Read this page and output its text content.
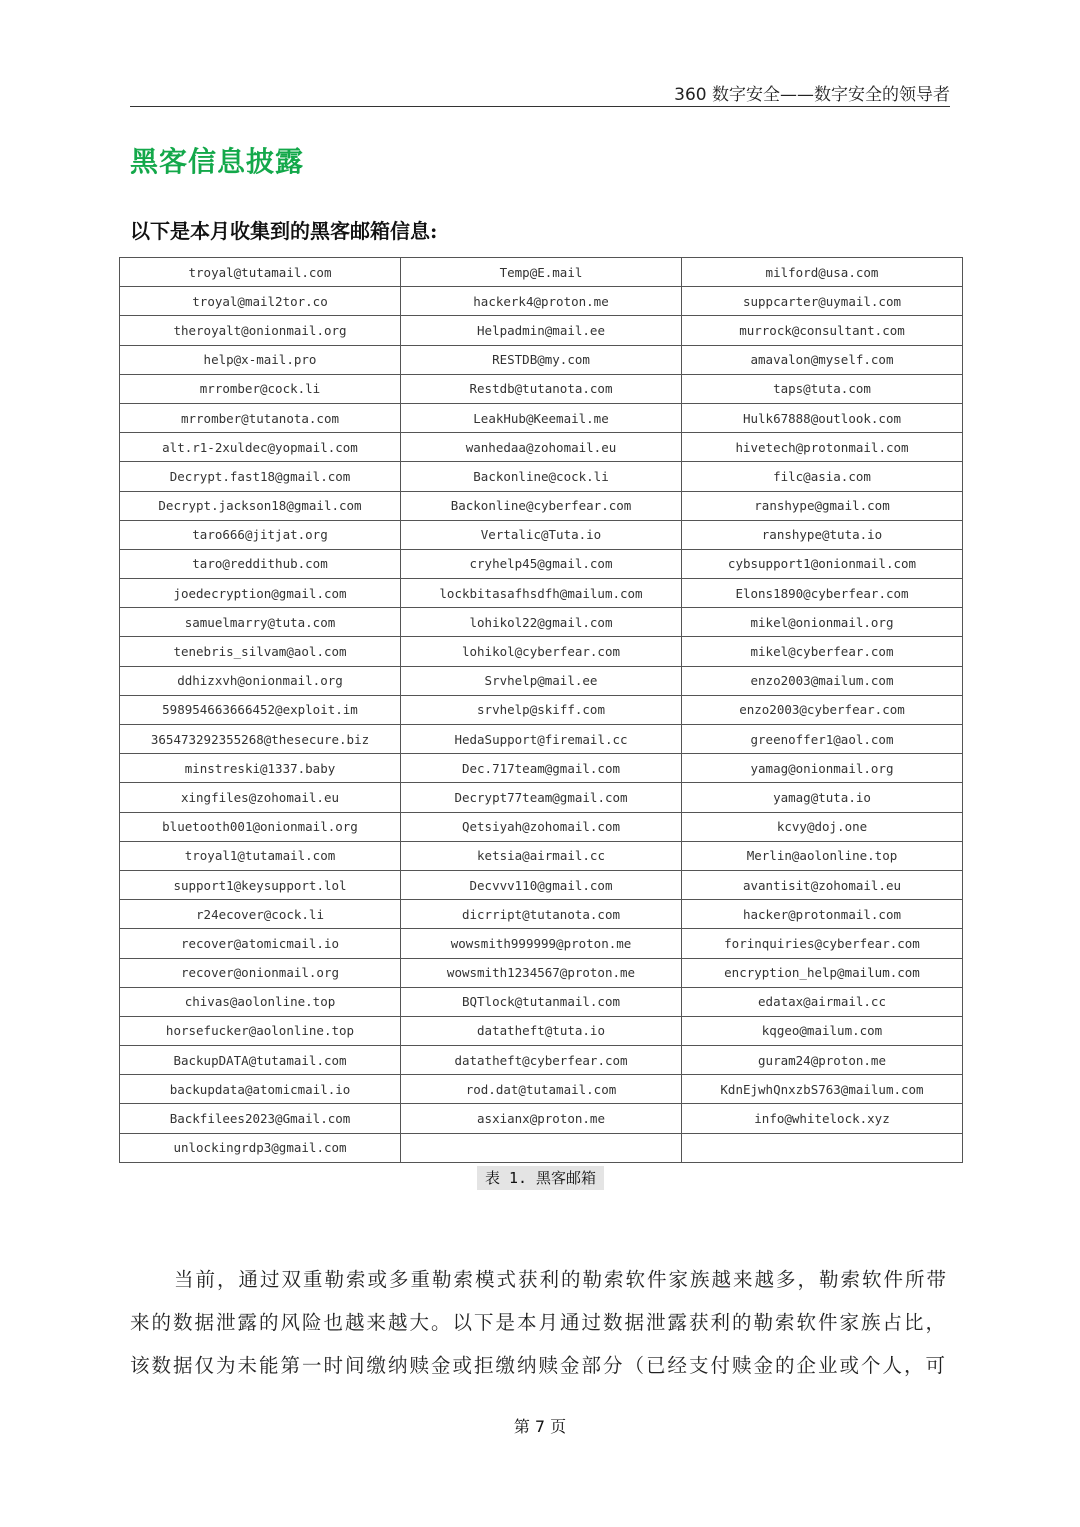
360 数字安全——数字安全的领导者
黑客信息披露
以下是本月收集到的黑客邮箱信息:
troyal@tutamail.com	Temp@E.mail	milford@usa.com
troyal@mail2tor.co	hackerk4@proton.me	suppcarter@uymail.com
theroyalt@onionmail.org	Helpadmin@mail.ee	murrock@consultant.com
help@x-mail.pro	RESTDB@my.com	amavalon@myself.com
mrromber@cock.li	Restdb@tutanota.com	taps@tuta.com
mrromber@tutanota.com	LeakHub@Keemail.me	Hulk67888@outlook.com
alt.r1-2xuldec@yopmail.com	wanhedaa@zohomail.eu	hivetech@protonmail.com
Decrypt.fast18@gmail.com	Backonline@cock.li	filc@asia.com
Decrypt.jackson18@gmail.com	Backonline@cyberfear.com	ranshype@gmail.com
taro666@jitjat.org	Vertalic@Tuta.io	ranshype@tuta.io
taro@reddithub.com	cryhelp45@gmail.com	cybsupport1@onionmail.com
joedecryption@gmail.com	lockbitasafhsdfh@mailum.com	Elons1890@cyberfear.com
samuelmarry@tuta.com	lohikol22@gmail.com	mikel@onionmail.org
tenebris_silvam@aol.com	lohikol@cyberfear.com	mikel@cyberfear.com
ddhizxvh@onionmail.org	Srvhelp@mail.ee	enzo2003@mailum.com
598954663666452@exploit.im	srvhelp@skiff.com	enzo2003@cyberfear.com
365473292355268@thesecure.biz	HedaSupport@firemail.cc	greenoffer1@aol.com
minstreski@1337.baby	Dec.717team@gmail.com	yamag@onionmail.org
xingfiles@zohomail.eu	Decrypt77team@gmail.com	yamag@tuta.io
bluetooth001@onionmail.org	Qetsiyah@zohomail.com	kcvy@doj.one
troyal1@tutamail.com	ketsia@airmail.cc	Merlin@aolonline.top
support1@keysupport.lol	Decvvv110@gmail.com	avantisit@zohomail.eu
r24ecover@cock.li	dicrript@tutanota.com	hacker@protonmail.com
recover@atomicmail.io	wowsmith999999@proton.me	forinquiries@cyberfear.com
recover@onionmail.org	wowsmith1234567@proton.me	encryption_help@mailum.com
chivas@aolonline.top	BQTlock@tutanmail.com	edatax@airmail.cc
horsefucker@aolonline.top	datatheft@tuta.io	kqgeo@mailum.com
BackupDATA@tutamail.com	datatheft@cyberfear.com	guram24@proton.me
backupdata@atomicmail.io	rod.dat@tutamail.com	KdnEjwhQnxzbS763@mailum.com
Backfilees2023@Gmail.com	asxianx@proton.me	info@whitelock.xyz
unlockingrdp3@gmail.com		
表 1. 黑客邮箱

当前，通过双重勒索或多重勒索模式获利的勒索软件家族越来越多，勒索软件所带

来的数据泄露的风险也越来越大。以下是本月通过数据泄露获利的勒索软件家族占比，

该数据仅为未能第一时间缴纳赎金或拒缴纳赎金部分（已经支付赎金的企业或个人，可

第 7 页
